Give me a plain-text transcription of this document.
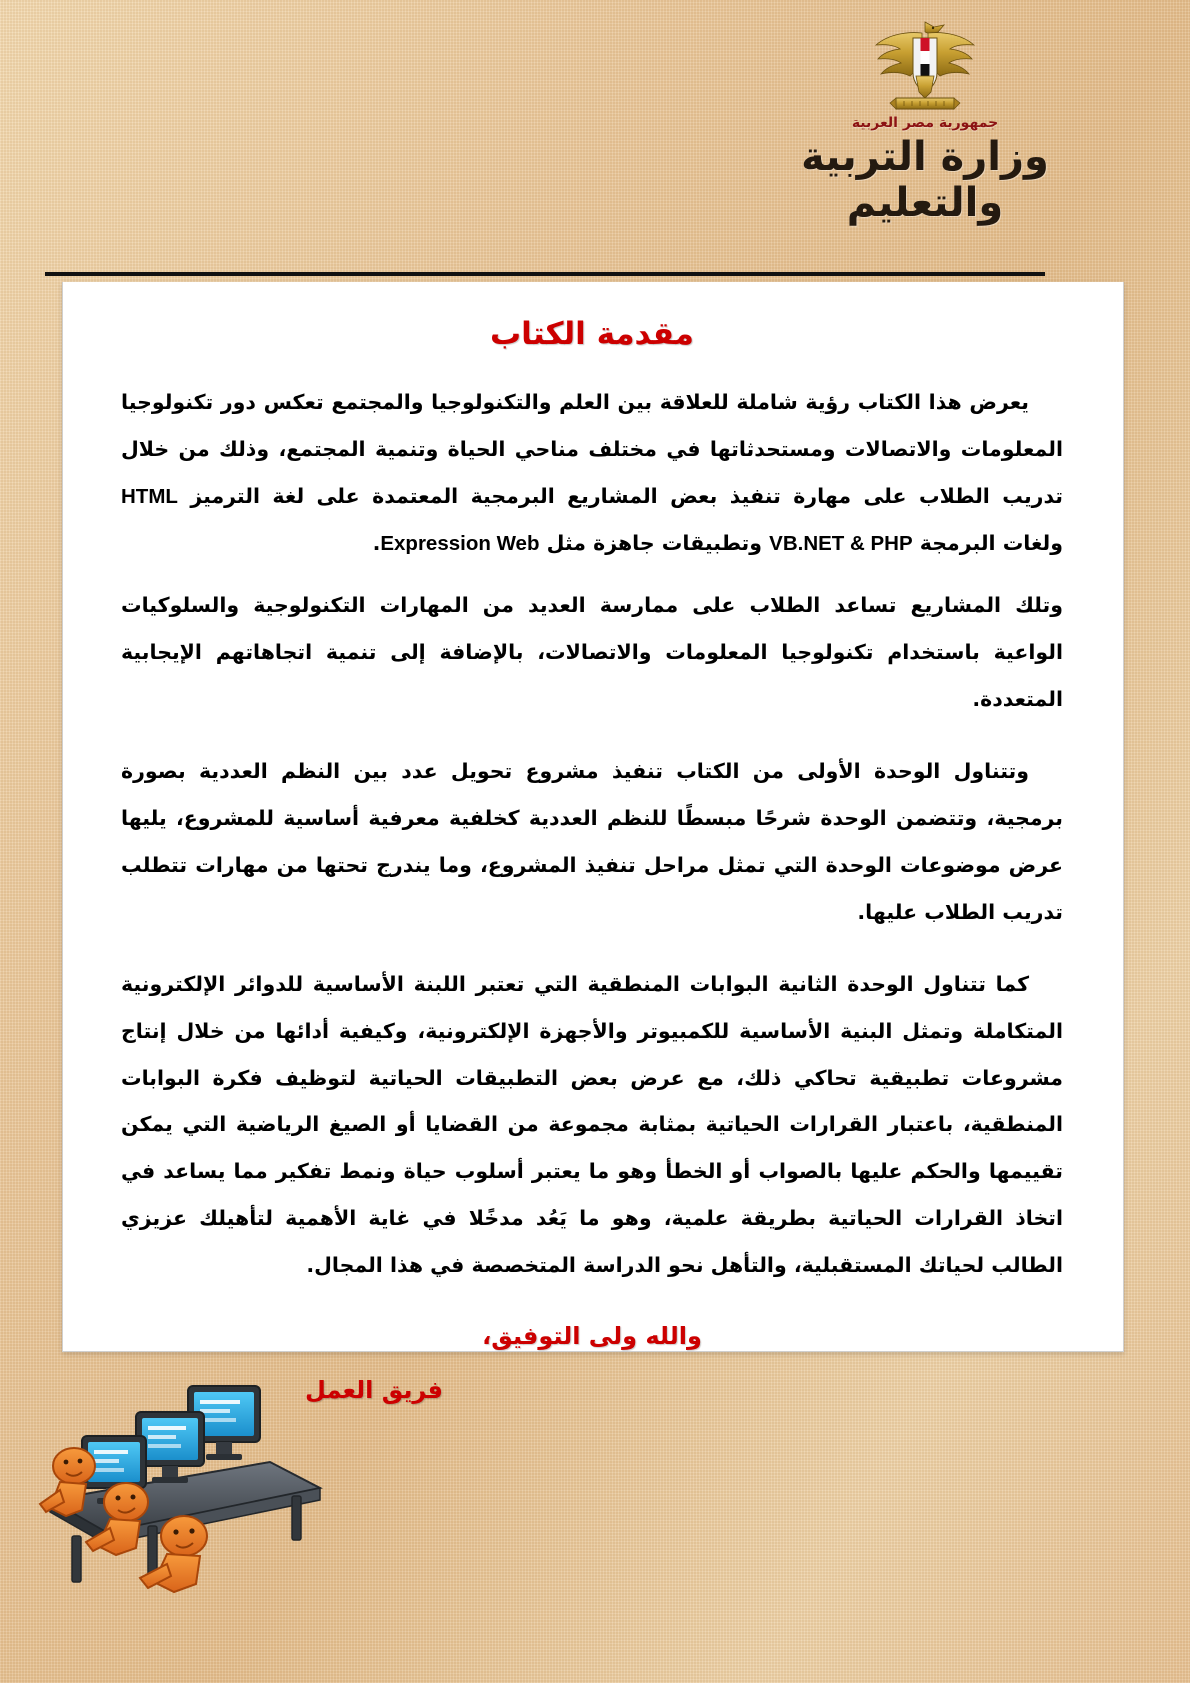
جمهورية مصر العربية
وزارة التربية والتعليم
مقدمة الكتاب

يعرض هذا الكتاب رؤية شاملة للعلاقة بين العلم والتكنولوجيا والمجتمع تعكس دور تكنولوجيا المعلومات والاتصالات ومستحدثاتها في مختلف مناحي الحياة وتنمية المجتمع، وذلك من خلال تدريب الطلاب على مهارة تنفيذ بعض المشاريع البرمجية المعتمدة على لغة الترميز HTML ولغات البرمجة VB.NET & PHP وتطبيقات جاهزة مثل Expression Web.

وتلك المشاريع تساعد الطلاب على ممارسة العديد من المهارات التكنولوجية والسلوكيات الواعية باستخدام تكنولوجيا المعلومات والاتصالات، بالإضافة إلى تنمية اتجاهاتهم الإيجابية المتعددة.

وتتناول الوحدة الأولى من الكتاب تنفيذ مشروع تحويل عدد بين النظم العددية بصورة برمجية، وتتضمن الوحدة شرحًا مبسطًا للنظم العددية كخلفية معرفية أساسية للمشروع، يليها عرض موضوعات الوحدة التي تمثل مراحل تنفيذ المشروع، وما يندرج تحتها من مهارات تتطلب تدريب الطلاب عليها.

كما تتناول الوحدة الثانية البوابات المنطقية التي تعتبر اللبنة الأساسية للدوائر الإلكترونية المتكاملة وتمثل البنية الأساسية للكمبيوتر والأجهزة الإلكترونية، وكيفية أدائها من خلال إنتاج مشروعات تطبيقية تحاكي ذلك، مع عرض بعض التطبيقات الحياتية لتوظيف فكرة البوابات المنطقية، باعتبار القرارات الحياتية بمثابة مجموعة من القضايا أو الصيغ الرياضية التي يمكن تقييمها والحكم عليها بالصواب أو الخطأ وهو ما يعتبر أسلوب حياة ونمط تفكير مما يساعد في اتخاذ القرارات الحياتية بطريقة علمية، وهو ما يَعُد مدخًلا في غاية الأهمية لتأهيلك عزيزي الطالب لحياتك المستقبلية، والتأهل نحو الدراسة المتخصصة في هذا المجال.

والله ولى التوفيق،
فريق العمل
